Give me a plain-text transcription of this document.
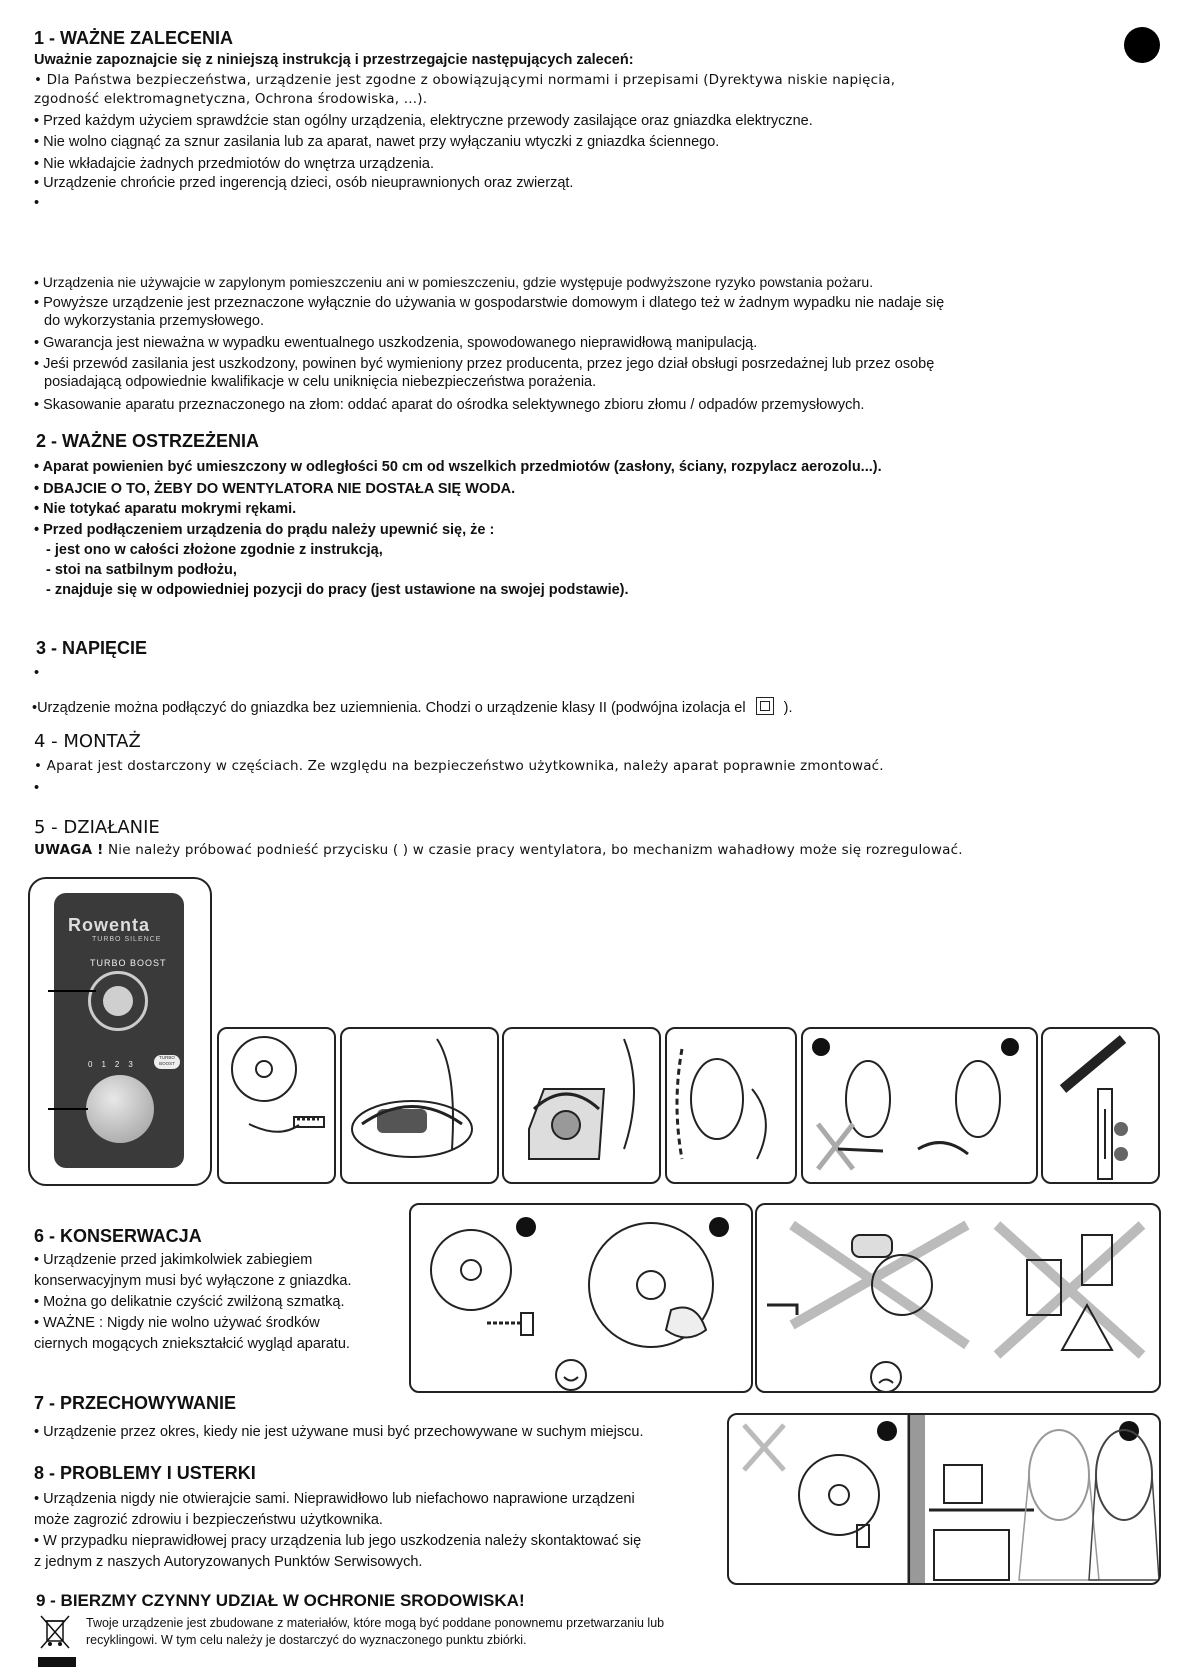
1 - WAŻNE ZALECENIA
Uważnie zapoznajcie się z niniejszą instrukcją i przestrzegajcie następujących zaleceń:
• Dla Państwa bezpieczeństwa, urządzenie jest zgodne z obowiązującymi normami i przepisami (Dyrektywa niskie napięcia,
zgodność elektromagnetyczna, Ochrona środowiska, ...).
• Przed każdym użyciem sprawdźcie stan ogólny urządzenia, elektryczne przewody zasilające oraz gniazdka elektryczne.
• Nie wolno ciągnąć za sznur zasilania lub za aparat, nawet przy wyłączaniu wtyczki z gniazdka ściennego.
• Nie wkładajcie żadnych przedmiotów do wnętrza urządzenia.
• Urządzenie chrońcie przed ingerencją dzieci, osób nieuprawnionych oraz zwierząt.
•
• Urządzenia nie używajcie w zapylonym pomieszczeniu ani w pomieszczeniu, gdzie występuje podwyższone ryzyko powstania pożaru.
• Powyższe urządzenie jest przeznaczone wyłącznie do używania w gospodarstwie domowym i dlatego też w żadnym wypadku nie nadaje się
do wykorzystania przemysłowego.
• Gwarancja jest nieważna w wypadku ewentualnego uszkodzenia, spowodowanego nieprawidłową manipulacją.
• Jeśi przewód zasilania jest uszkodzony, powinen być wymieniony przez producenta, przez jego dział obsługi posrzedażnej lub przez osobę
posiadającą odpowiednie kwalifikacje w celu uniknięcia niebezpieczeństwa porażenia.
• Skasowanie aparatu przeznaczonego na złom: oddać aparat do ośrodka selektywnego zbioru złomu / odpadów przemysłowych.
2 - WAŻNE OSTRZEŻENIA
• Aparat powienien być umieszczony w odległości 50 cm od wszelkich przedmiotów (zasłony, ściany, rozpylacz aerozolu...).
• DBAJCIE O TO, ŻEBY DO WENTYLATORA NIE DOSTAŁA SIĘ WODA.
• Nie totykać aparatu mokrymi rękami.
• Przed podłączeniem urządzenia do prądu należy upewnić się, że :
- jest ono w całości złożone zgodnie z instrukcją,
- stoi na satbilnym podłożu,
- znajduje się w odpowiedniej pozycji do pracy (jest ustawione na swojej podstawie).
3 - NAPIĘCIE
•
•Urządzenie można podłączyć do gniazdka bez uziemnienia. Chodzi o urządzenie klasy II (podwójna izolacja el	).
4 - MONTAŻ
• Aparat jest dostarczony w częściach. Ze względu na bezpieczeństwo użytkownika, należy aparat poprawnie zmontować.
•
5 - DZIAŁANIE
UWAGA ! Nie należy próbować podnieść przycisku ( ) w czasie pracy wentylatora, bo mechanizm wahadłowy może się rozregulować.
Rowenta
TURBO SILENCE
TURBO BOOST
0 1 2 3
TURBO BOOST
6 - KONSERWACJA
• Urządzenie przed jakimkolwiek zabiegiem
konserwacyjnym musi być wyłączone z gniazdka.
• Można go delikatnie czyścić zwilżoną szmatką.
• WAŻNE : Nigdy nie wolno używać środków
ciernych mogących zniekształcić wygląd aparatu.
7 - PRZECHOWYWANIE
• Urządzenie przez okres, kiedy nie jest używane musi być przechowywane w suchym miejscu.
8 - PROBLEMY I USTERKI
• Urządzenia nigdy nie otwierajcie sami. Nieprawidłowo lub niefachowo naprawione urządzeni
może zagrozić zdrowiu i bezpieczeństwu użytkownika.
• W przypadku nieprawidłowej pracy urządzenia lub jego uszkodzenia należy skontaktować się
z jednym z naszych Autoryzowanych Punktów Serwisowych.
9 - BIERZMY CZYNNY UDZIAŁ W OCHRONIE SRODOWISKA!
Twoje urządzenie jest zbudowane z materiałów, które mogą być poddane ponownemu przetwarzaniu lub
recyklingowi. W tym celu należy je dostarczyć do wyznaczonego punktu zbiórki.
